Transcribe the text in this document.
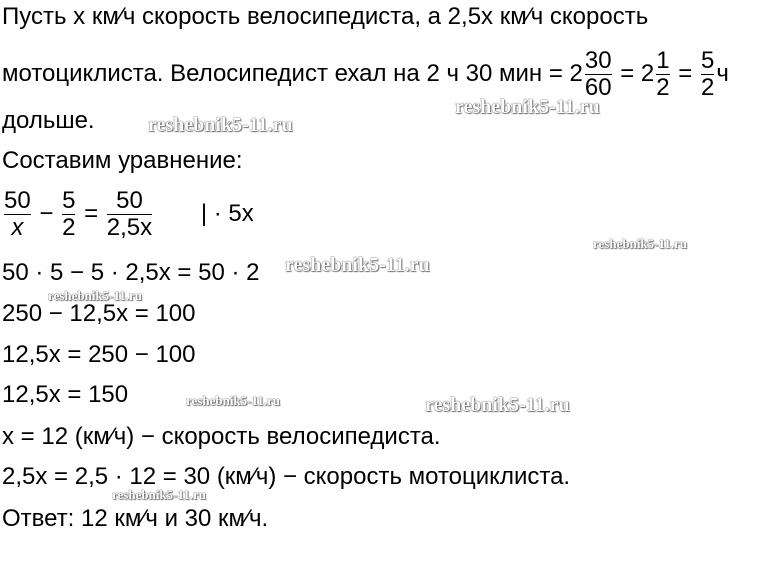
Пусть x км⁄ч скорость велосипедиста, а 2,5x км⁄ч скорость
мотоциклиста. Велосипедист ехал на 2 ч 30 мин = $2 \frac{30}{60} = 2 \frac{1}{2} = \frac{5}{2}$ ч
дольше.
Составим уравнение:
$\frac{50}{x} - \frac{5}{2} = \frac{50}{2,5x}$ | · 5x
50 · 5 − 5 · 2,5x = 50 · 2
250 − 12,5x = 100
12,5x = 250 − 100
12,5x = 150
x = 12 (км⁄ч) − скорость велосипедиста.
2,5x = 2,5 · 12 = 30 (км⁄ч) − скорость мотоциклиста.
Ответ: 12 км⁄ч и 30 км⁄ч.
reshebnik5-11.ru
reshebnik5-11.ru
reshebnik5-11.ru
reshebnik5-11.ru
reshebnik5-11.ru
reshebnik5-11.ru	reshebnik5-11.ru
reshebnik5-11.ru
